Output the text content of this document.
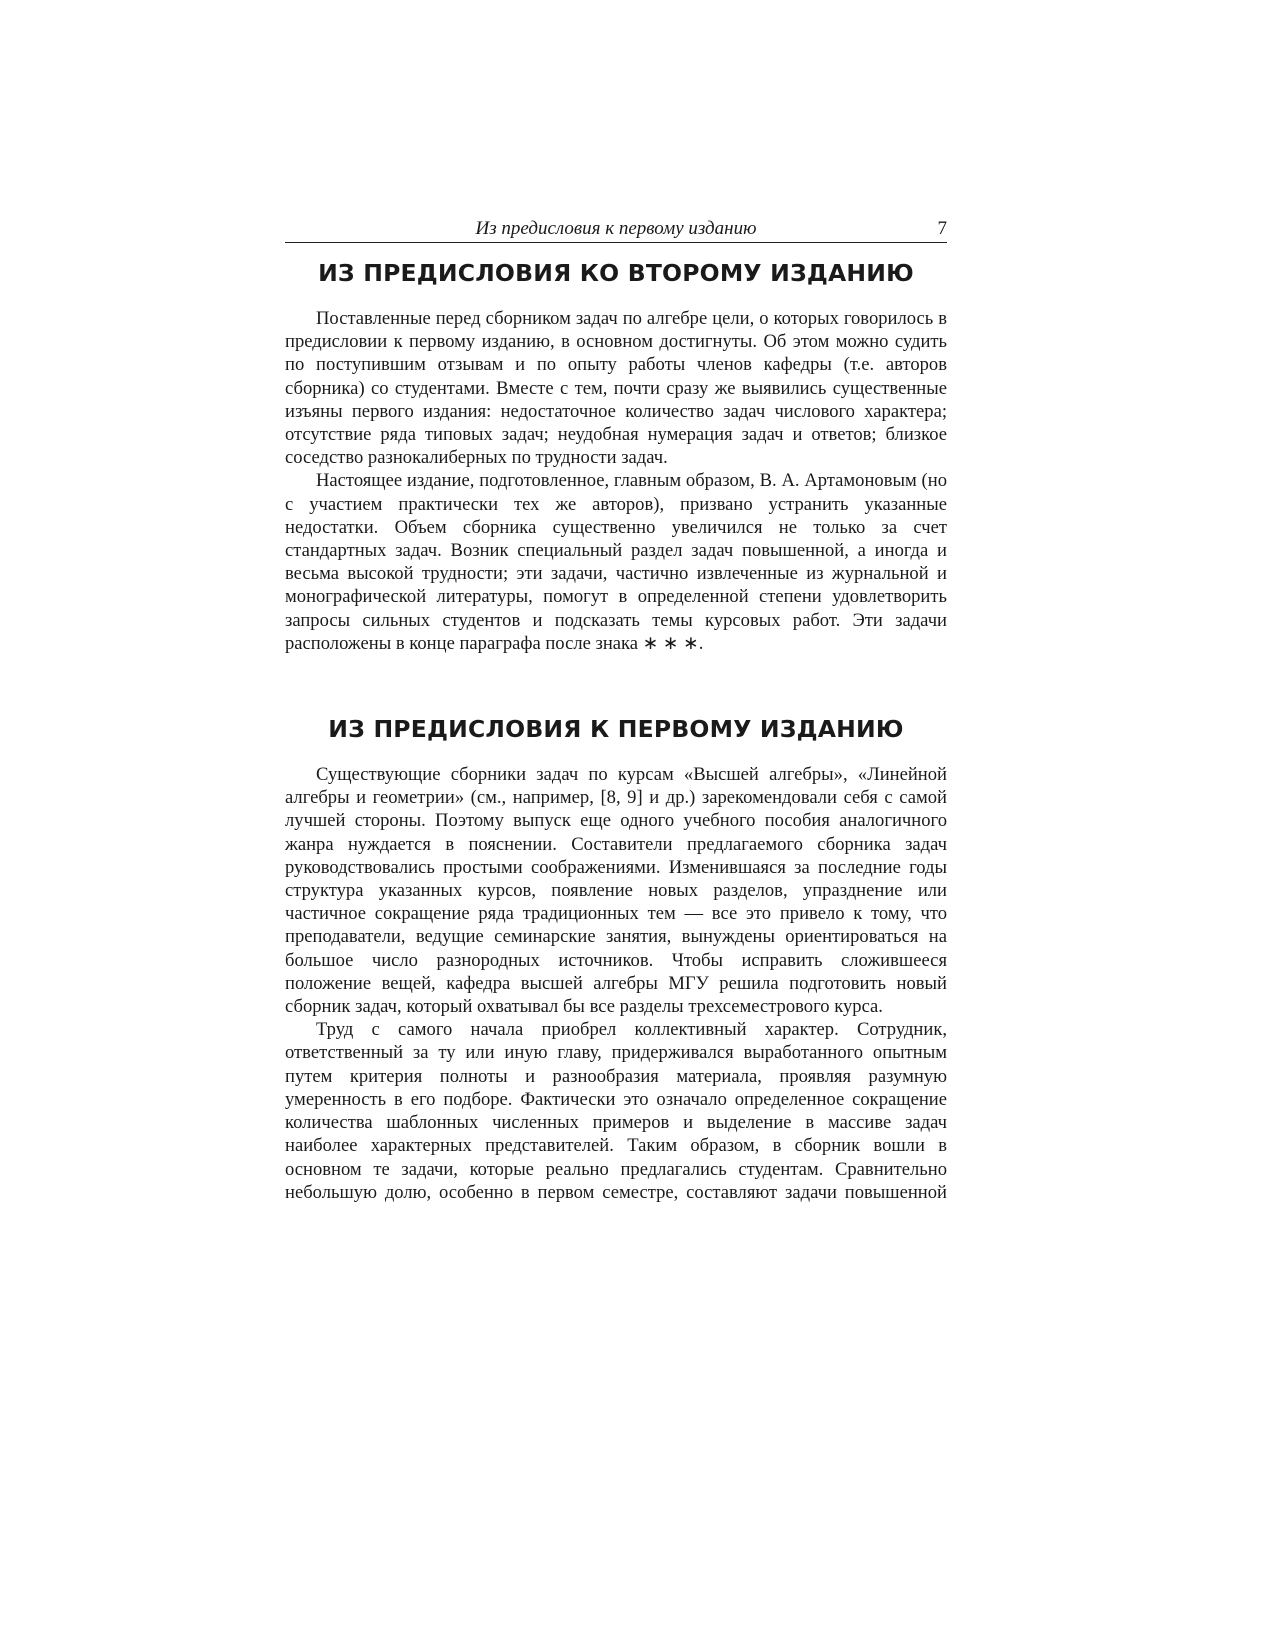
Из предисловия к первому изданию	7
ИЗ ПРЕДИСЛОВИЯ КО ВТОРОМУ ИЗДАНИЮ

Поставленные перед сборником задач по алгебре цели, о которых говорилось в предисловии к первому изданию, в основном достигнуты. Об этом можно судить по поступившим отзывам и по опыту работы членов кафедры (т.е. авторов сборника) со студентами. Вместе с тем, почти сразу же выявились существенные изъяны первого издания: недостаточное количество задач числового характера; отсутствие ряда типовых задач; неудобная нумерация задач и ответов; близкое соседство разнокалиберных по трудности задач.

Настоящее издание, подготовленное, главным образом, В. А. Артамоновым (но с участием практически тех же авторов), призвано устранить указанные недостатки. Объем сборника существенно увеличился не только за счет стандартных задач. Возник специальный раздел задач повышенной, а иногда и весьма высокой трудности; эти задачи, частично извлеченные из журнальной и монографической литературы, помогут в определенной степени удовлетворить запросы сильных студентов и подсказать темы курсовых работ. Эти задачи расположены в конце параграфа после знака ∗ ∗ ∗.

ИЗ ПРЕДИСЛОВИЯ К ПЕРВОМУ ИЗДАНИЮ

Существующие сборники задач по курсам «Высшей алгебры», «Линейной алгебры и геометрии» (см., например, [8, 9] и др.) зарекомендовали себя с самой лучшей стороны. Поэтому выпуск еще одного учебного пособия аналогичного жанра нуждается в пояснении. Составители предлагаемого сборника задач руководствовались простыми соображениями. Изменившаяся за последние годы структура указанных курсов, появление новых разделов, упразднение или частичное сокращение ряда традиционных тем — все это привело к тому, что преподаватели, ведущие семинарские занятия, вынуждены ориентироваться на большое число разнородных источников. Чтобы исправить сложившееся положение вещей, кафедра высшей алгебры МГУ решила подготовить новый сборник задач, который охватывал бы все разделы трехсеместрового курса.

Труд с самого начала приобрел коллективный характер. Сотрудник, ответственный за ту или иную главу, придерживался выработанного опытным путем критерия полноты и разнообразия материала, проявляя разумную умеренность в его подборе. Фактически это означало определенное сокращение количества шаблонных численных примеров и выделение в массиве задач наиболее характерных представителей. Таким образом, в сборник вошли в основном те задачи, которые реально предлагались студентам. Сравнительно небольшую долю, особенно в первом семестре, составляют задачи повышенной
